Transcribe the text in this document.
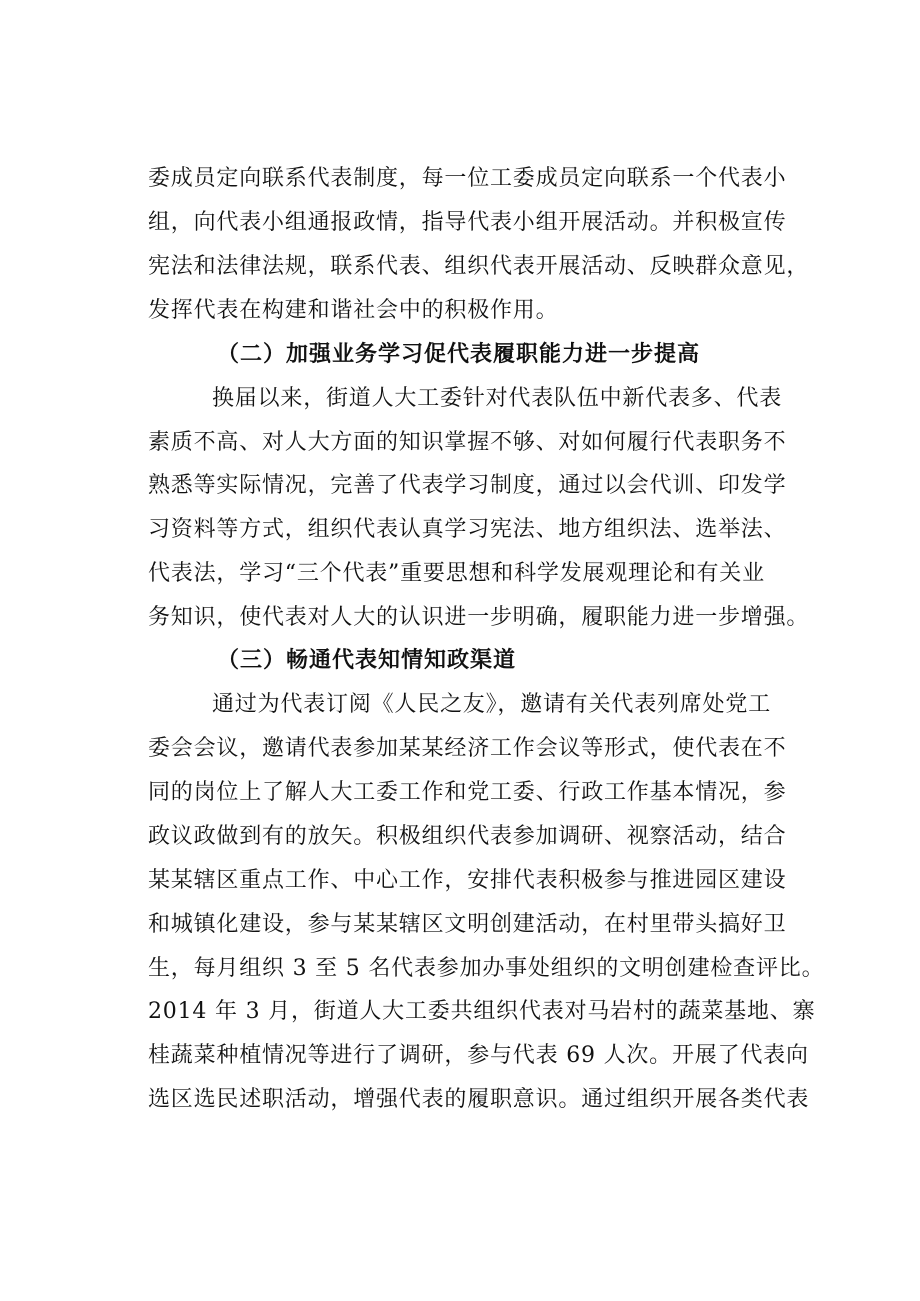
委成员定向联系代表制度，每一位工委成员定向联系一个代表小
组，向代表小组通报政情，指导代表小组开展活动。并积极宣传
宪法和法律法规，联系代表、组织代表开展活动、反映群众意见，
发挥代表在构建和谐社会中的积极作用。
（二）加强业务学习促代表履职能力进一步提高
换届以来，街道人大工委针对代表队伍中新代表多、代表
素质不高、对人大方面的知识掌握不够、对如何履行代表职务不
熟悉等实际情况，完善了代表学习制度，通过以会代训、印发学
习资料等方式，组织代表认真学习宪法、地方组织法、选举法、
代表法，学习“三个代表”重要思想和科学发展观理论和有关业
务知识，使代表对人大的认识进一步明确，履职能力进一步增强。
（三）畅通代表知情知政渠道
通过为代表订阅《人民之友》，邀请有关代表列席处党工
委会会议，邀请代表参加某某经济工作会议等形式，使代表在不
同的岗位上了解人大工委工作和党工委、行政工作基本情况，参
政议政做到有的放矢。积极组织代表参加调研、视察活动，结合
某某辖区重点工作、中心工作，安排代表积极参与推进园区建设
和城镇化建设，参与某某辖区文明创建活动，在村里带头搞好卫
生，每月组织 3 至 5 名代表参加办事处组织的文明创建检查评比。
2014 年 3 月，街道人大工委共组织代表对马岩村的蔬菜基地、寨
桂蔬菜种植情况等进行了调研，参与代表 69 人次。开展了代表向
选区选民述职活动，增强代表的履职意识。通过组织开展各类代表
